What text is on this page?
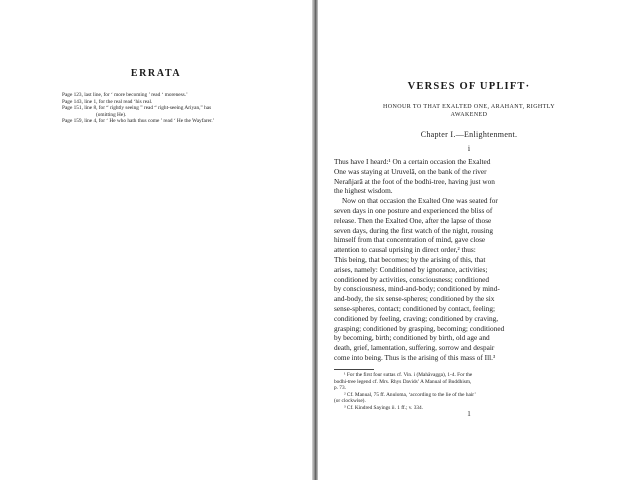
ERRATA
Page 123, last line, for ‘ more becoming ’ read ‘ moreness.’
Page 143, line 1, for the real read ‘his real.
Page 151, line 8, for “ rightly seeing ” read “ right-seeing Ariyan,” has
(omitting He).
Page 159, line 4, for ‘ He who hath thus come ’ read ‘ He the Wayfarer.’
VERSES OF UPLIFT·
HONOUR TO THAT EXALTED ONE, ARAHANT, RIGHTLY
AWAKENED
Chapter I.—Enlightenment.
i
Thus have I heard:¹ On a certain occasion the Exalted
One was staying at Uruvelā, on the bank of the river
Nerañjarā at the foot of the bodhi-tree, having just won
the highest wisdom.
Now on that occasion the Exalted One was seated for
seven days in one posture and experienced the bliss of
release. Then the Exalted One, after the lapse of those
seven days, during the first watch of the night, rousing
himself from that concentration of mind, gave close
attention to causal uprising in direct order,² thus:
This being, that becomes; by the arising of this, that
arises, namely: Conditioned by ignorance, activities;
conditioned by activities, consciousness; conditioned
by consciousness, mind-and-body; conditioned by mind-
and-body, the six sense-spheres; conditioned by the six
sense-spheres, contact; conditioned by contact, feeling;
conditioned by feeling, craving; conditioned by craving,
grasping; conditioned by grasping, becoming; conditioned
by becoming, birth; conditioned by birth, old age and
death, grief, lamentation, suffering, sorrow and despair
come into being. Thus is the arising of this mass of Ill.³
¹ For the first four suttas cf. Vin. i (Mahāvagga), 1-4. For the
bodhi-tree legend cf. Mrs. Rhys Davids’ A Manual of Buddhism,
p. 73.
² Cf. Manual, 75 ff. Anuloma, ‘according to the lie of the hair’
(or clockwise).
³ Cf. Kindred Sayings ii. 1 ff.; v. 334.
1
